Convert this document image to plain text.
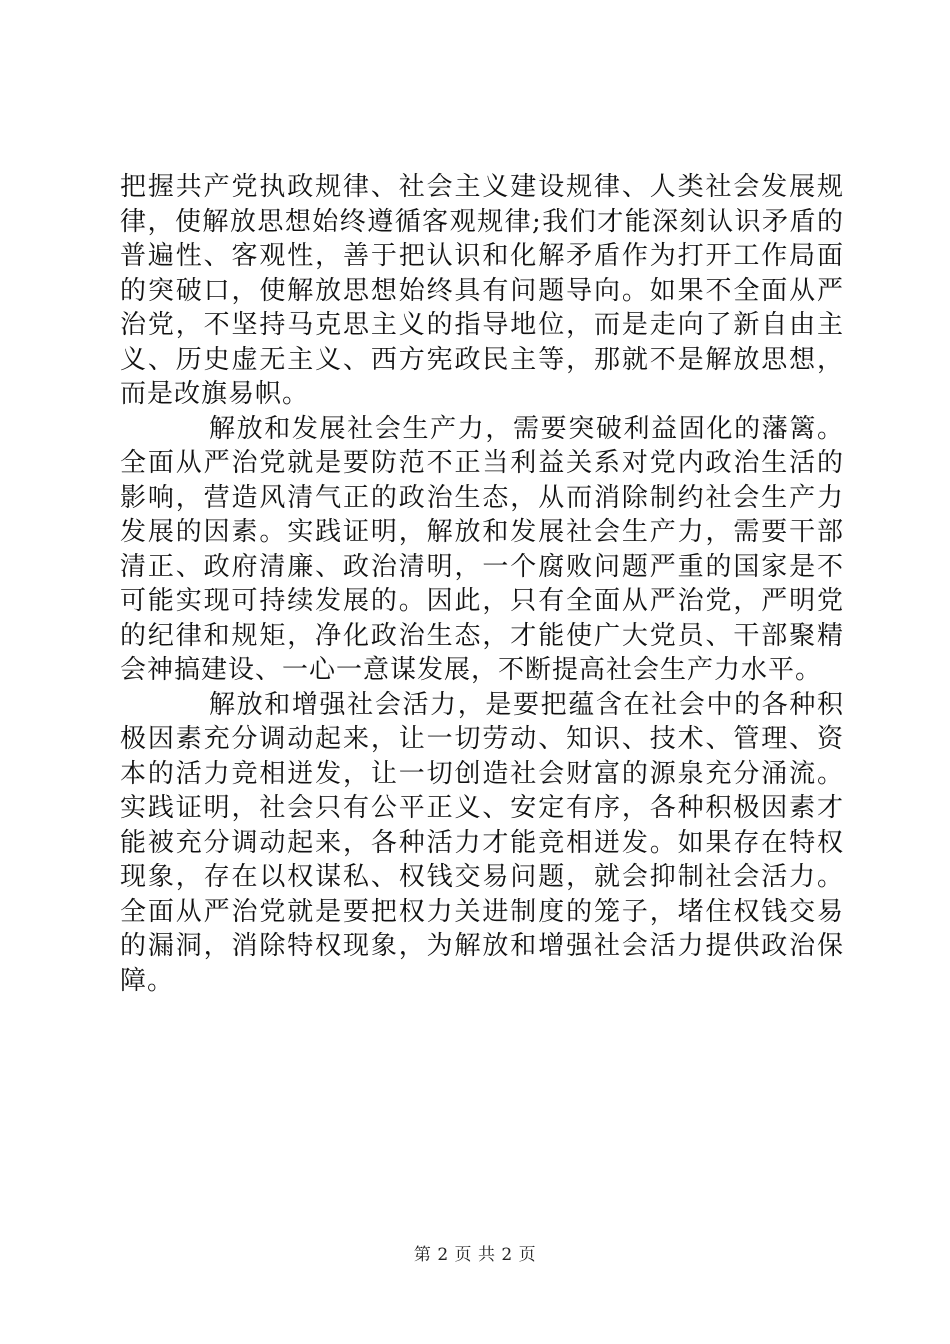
把握共产党执政规律、社会主义建设规律、人类社会发展规律，使解放思想始终遵循客观规律;我们才能深刻认识矛盾的普遍性、客观性，善于把认识和化解矛盾作为打开工作局面的突破口，使解放思想始终具有问题导向。如果不全面从严治党，不坚持马克思主义的指导地位，而是走向了新自由主义、历史虚无主义、西方宪政民主等，那就不是解放思想，而是改旗易帜。

解放和发展社会生产力，需要突破利益固化的藩篱。全面从严治党就是要防范不正当利益关系对党内政治生活的影响，营造风清气正的政治生态，从而消除制约社会生产力发展的因素。实践证明，解放和发展社会生产力，需要干部清正、政府清廉、政治清明，一个腐败问题严重的国家是不可能实现可持续发展的。因此，只有全面从严治党，严明党的纪律和规矩，净化政治生态，才能使广大党员、干部聚精会神搞建设、一心一意谋发展，不断提高社会生产力水平。

解放和增强社会活力，是要把蕴含在社会中的各种积极因素充分调动起来，让一切劳动、知识、技术、管理、资本的活力竞相迸发，让一切创造社会财富的源泉充分涌流。实践证明，社会只有公平正义、安定有序，各种积极因素才能被充分调动起来，各种活力才能竞相迸发。如果存在特权现象，存在以权谋私、权钱交易问题，就会抑制社会活力。全面从严治党就是要把权力关进制度的笼子，堵住权钱交易的漏洞，消除特权现象，为解放和增强社会活力提供政治保障。

第 2 页 共 2 页
